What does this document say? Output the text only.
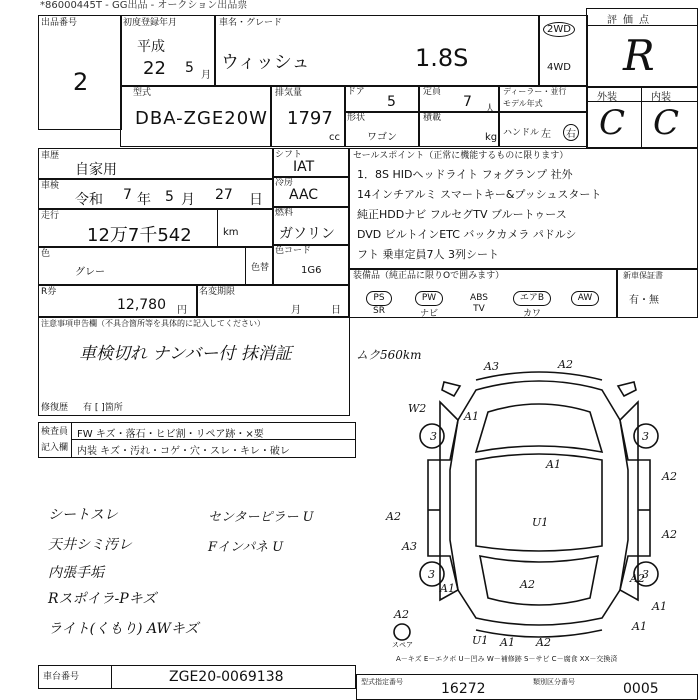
*86000445T - GG出品 - オークション出品票
出品番号
2
初度登録年月
平成
22 5 月
車名・グレード
ウィッシュ	1.8S
2WD
4WD
評価点
R
型式
DBA-ZGE20W
排気量
1797
cc
ドア
5
定員
7 人
ディーラー・並行
モデル年式
形状
ワゴン
積載
kg ハンドル 左	右
外装	内装
C C
車歴
自家用
車検
令和 7 年 5 月 27 日
走行
12万7千542	km
色
グレー	色替
R券
12,780 円
名変期限
月	日
シフト
IAT
冷房
AAC
燃料
ガソリン
色コード
1G6
セールスポイント（正常に機能するものに限ります）
1．8S HIDヘッドライト フォグランプ 社外
14インチアルミ スマートキー&プッシュスタート
純正HDDナビ フルセグTV ブルートゥース
DVD ビルトインETC バックカメラ パドルシ
フト 乗車定員7人 3列シート
装備品（純正品に限りOで囲みます）
PS
SR
PW
ナビ
ABS
TV
エアB
カワ
AW
新車保証書
有・無
注意事項申告欄（不具合箇所等を具体的に記入してください）
車検切れ ナンバー付 抹消証
修復歴 有 [ ]箇所
検査員
記入欄
FW キズ・落石・ヒビ割・リペア跡・×要
内装 キズ・汚れ・コゲ・穴・スレ・キレ・破レ
シートスレ
天井シミ汚レ
内張手垢
Rスポイラ-Pキズ
ライト(くもり) AWキズ
センターピラー U
Fインパネ U
ムク560km
3	3
3	3
A3	A2
W2
A1
A2
A2
U1
A1
A3
A2
A2
A1
A2
A1
A2
U1
A1
A1 A2
スペア
A－キズ E－エクボ U－凹み W－補修跡 S－サビ C－腐食 XX－交換済
車台番号	ZGE20-0069138	型式指定番号	16272	類別区分番号	0005
